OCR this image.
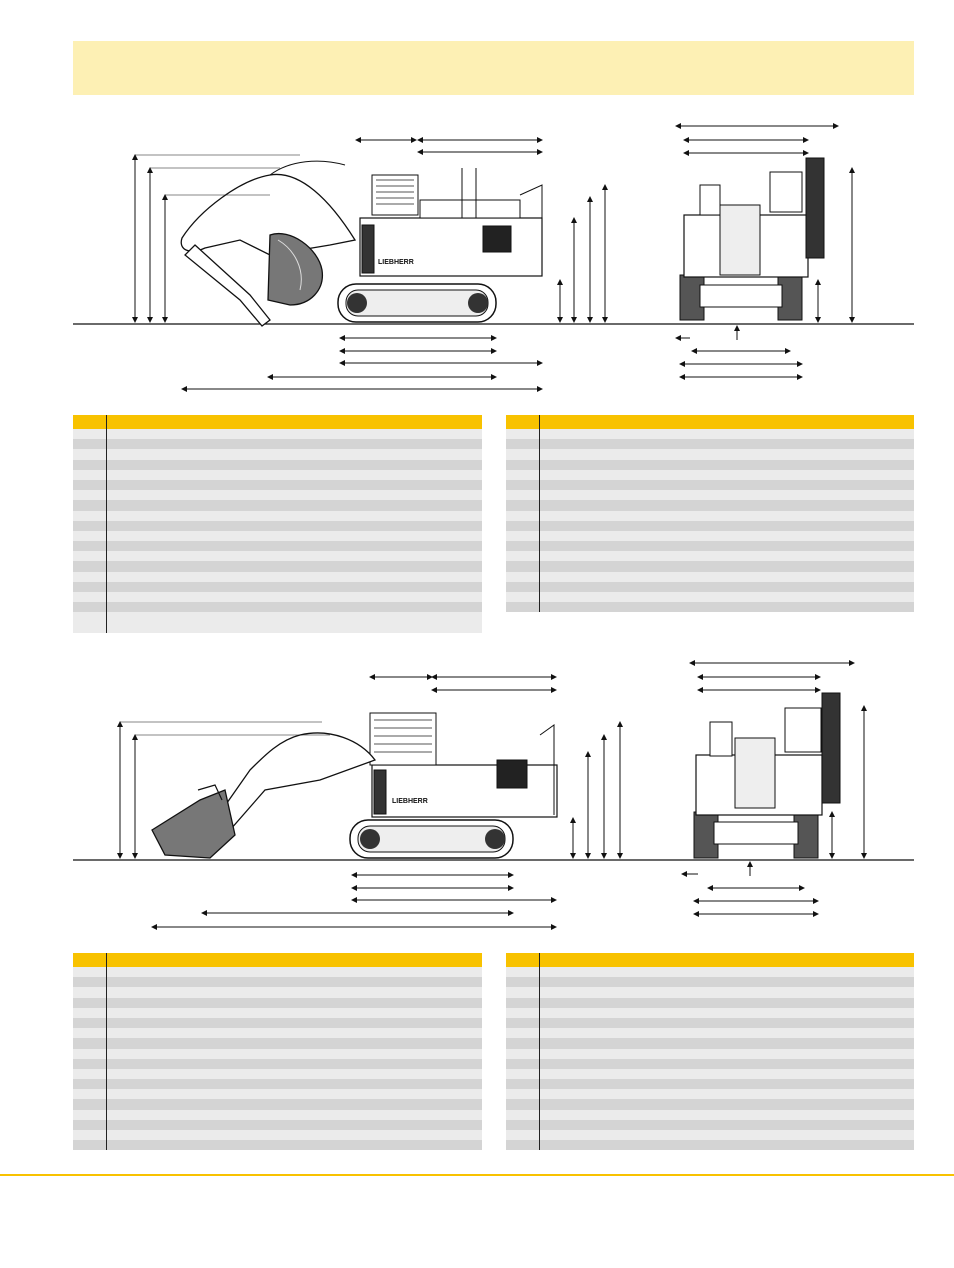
LIEBHERR
LIEBHERR
